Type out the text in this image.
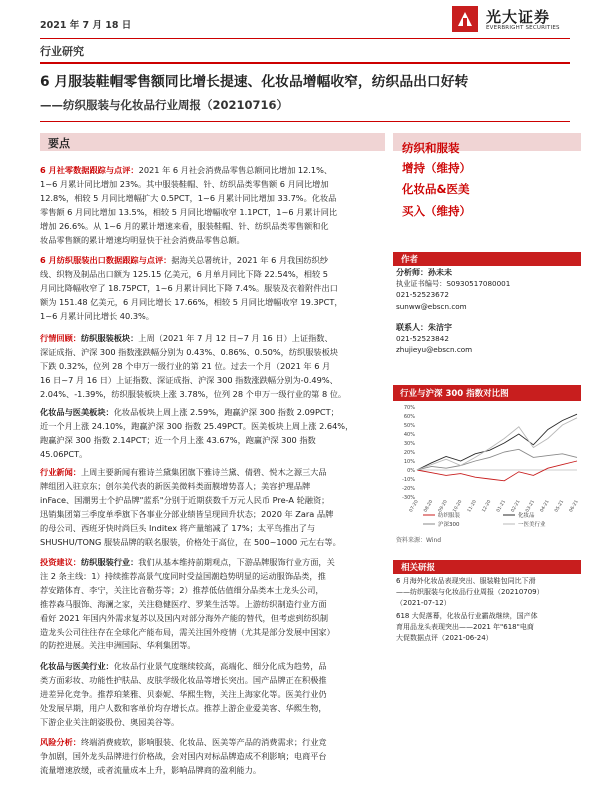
2021 年 7 月 18 日	光大证券
EVERBRIGHT SECURITIES
行业研究
6 月服装鞋帽零售额同比增长提速、化妆品增幅收窄，纺织品出口好转
——纺织服装与化妆品行业周报（20210716）
要点	纺织和服装
增持（维持）
化妆品&医美
买入（维持）
6 月社零数据跟踪与点评：2021 年 6 月社会消费品零售总额同比增加 12.1%、
1~6 月累计同比增加 23%。其中服装鞋帽、针、纺织品类零售额 6 月同比增加
12.8%，相较 5 月同比增幅扩大 0.5PCT，1~6 月累计同比增加 33.7%。化妆品
零售额 6 月同比增加 13.5%，相较 5 月同比增幅收窄 1.1PCT，1~6 月累计同比
增加 26.6%。从 1~6 月的累计增速来看，服装鞋帽、针、纺织品类零售额和化
妆品零售额的累计增速均明显快于社会消费品零售总额。
6 月纺织服装出口数据跟踪与点评：据海关总署统计，2021 年 6 月我国纺织纱
线、织物及制品出口额为 125.15 亿美元，6 月单月同比下降 22.54%，相较 5
月同比降幅收窄了 18.75PCT，1~6 月累计同比下降 7.4%。服装及衣着附件出口
额为 151.48 亿美元，6 月同比增长 17.66%，相较 5 月同比增幅收窄 19.3PCT，
1~6 月累计同比增长 40.3%。
行情回顾：纺织服装板块：上周（2021 年 7 月 12 日~7 月 16 日）上证指数、
深证成指、沪深 300 指数涨跌幅分别为 0.43%、0.86%、0.50%，纺织服装板块
下跌 0.32%，位列 28 个申万一级行业的第 21 位。过去一个月（2021 年 6 月
16 日~7 月 16 日）上证指数、深证成指、沪深 300 指数涨跌幅分别为-0.49%、
2.04%、-1.39%，纺织服装板块上涨 3.78%，位列 28 个申万一级行业的第 8 位。
化妆品与医美板块：化妆品板块上周上涨 2.59%，跑赢沪深 300 指数 2.09PCT；
近一个月上涨 24.10%，跑赢沪深 300 指数 25.49PCT。医美板块上周上涨 2.64%，
跑赢沪深 300 指数 2.14PCT；近一个月上涨 43.67%，跑赢沪深 300 指数
45.06PCT。
行业新闻：上周主要新闻有雅诗兰黛集团旗下雅诗兰黛、倩碧、悦木之源三大品
牌组团入驻京东；创尔美代表的新医美微料类面膜增势喜人；美容护理品牌
inFace、国潮男士个护品牌"蓝系"分别于近期获数千万元人民币 Pre-A 轮融资；
迅销集团第三季度单季旗下各事业分部业绩皆呈现回升状态；2020 年 Zara 品牌
的母公司、西班牙快时尚巨头 Inditex 将产量缩减了 17%；太平鸟推出了与
SHUSHU/TONG 服装品牌的联名服装，价格处于高位，在 500~1000 元左右等。
投资建议：纺织服装行业：我们从基本维持前期观点，下游品牌服饰行业方面，关
注 2 条主线：1）持续推荐高景气度同时受益国潮趋势明显的运动服饰品类，推
荐安踏体育、李宁，关注比音勒芬等；2）推荐低估值细分品类本土龙头公司，
推荐森马服饰、海澜之家，关注稳健医疗、罗莱生活等。上游纺织制造行业方面
看好 2021 年国内外需求复苏以及国内对部分海外产能的替代，但考虑到纺织制
造龙头公司往往存在全球化产能布局，需关注国外疫情（尤其是部分发展中国家）
的防控进展。关注申洲国际、华利集团等。
化妆品与医美行业：化妆品行业景气度继续较高，高端化、细分化成为趋势，品
类方面彩妆、功能性护肤品、皮肤学级化妆品等增长突出。国产品牌正在积极推
进差异化竞争。推荐珀莱雅、贝泰妮、华熙生物，关注上海家化等。医美行业仍
处发展早期，用户人数和客单价均存增长点。推荐上游企业爱美客、华熙生物，
下游企业关注朗姿股份、奥园美谷等。
风险分析：终端消费疲软，影响服装、化妆品、医美等产品的消费需求；行业竞
争加剧，国外龙头品牌进行价格战，会对国内对标品牌造成不利影响；电商平台
流量增速放缓，或者流量成本上升，影响品牌商的盈利能力。
作者
分析师：孙未未
执业证书编号：S0930517080001
021-52523672
sunww@ebscn.com
联系人：朱洁宇
021-52523842
zhujieyu@ebscn.com
行业与沪深 300 指数对比图
70%
60%
50%
40%
30%
20%
10%
0%
-10%
-20%
-30%
07-20 08-20 09-20 10-20 11-20 12-20 01-21 02-21 03-21 04-21 05-21 06-21
纺织服装	化妆品
沪深300	一医美行业
资料来源：Wind
相关研报
6 月海外化妆品表现突出、服装鞋包同比下滑
——纺织服装与化妆品行业周报（20210709）
（2021-07-12）
618 大促落幕，化妆品行业霸战继续，国产体
育用品龙头表现突出——2021 年"618"电商
大促数据点评（2021-06-24）
